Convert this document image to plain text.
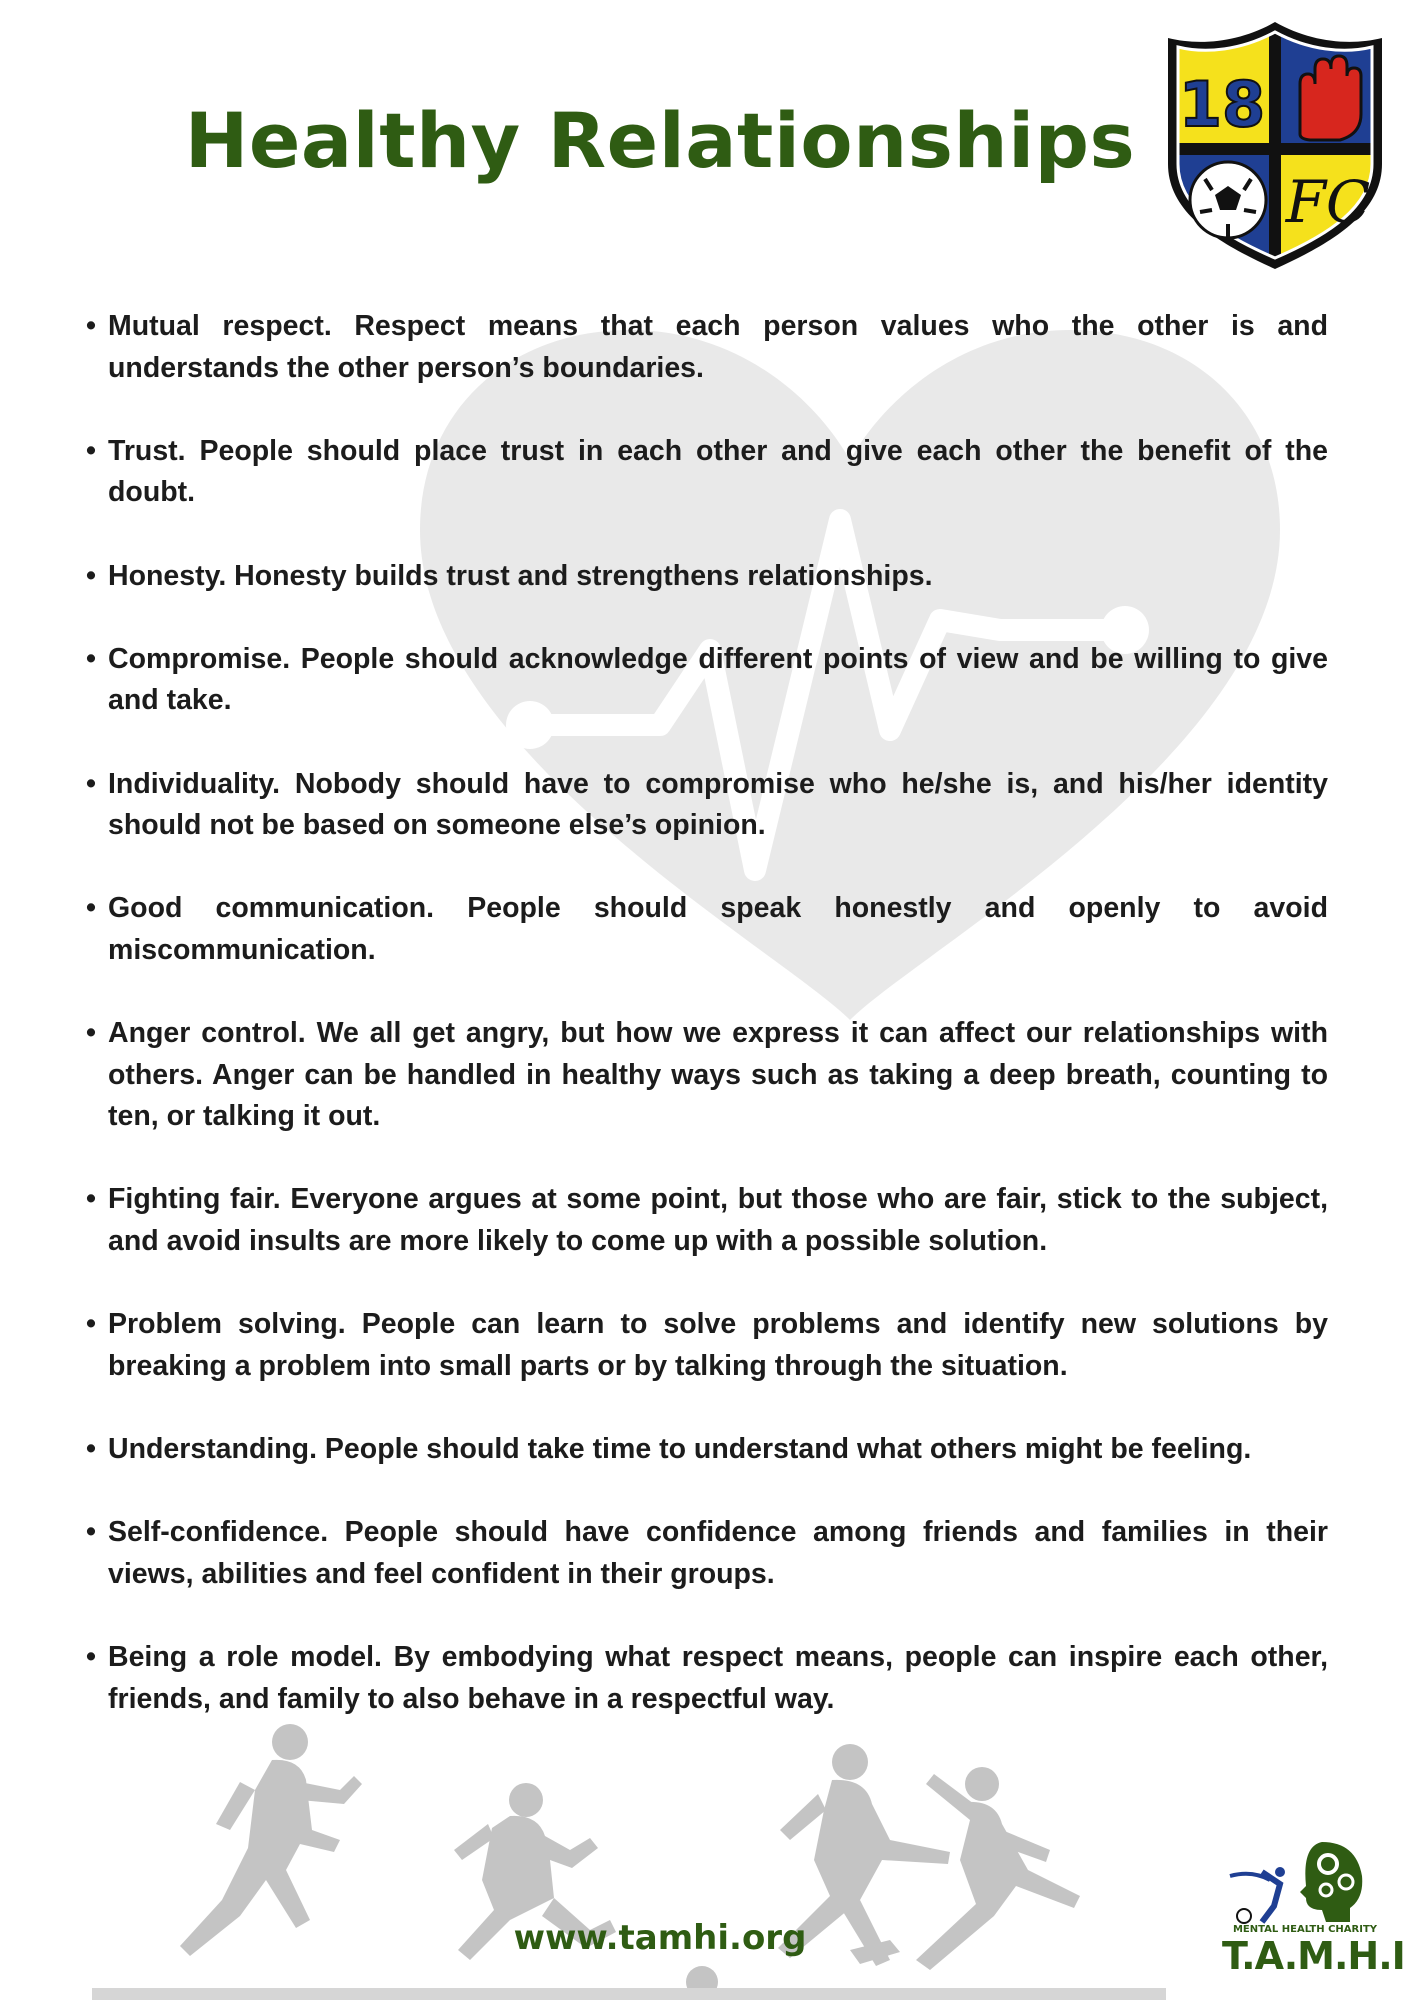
18
FC
Healthy Relationships
• Mutual respect. Respect means that each person values who the other is and understands the other person’s boundaries.
• Trust. People should place trust in each other and give each other the benefit of the doubt.
• Honesty. Honesty builds trust and strengthens relationships.
• Compromise. People should acknowledge different points of view and be willing to give and take.
• Individuality. Nobody should have to compromise who he/she is, and his/her identity should not be based on someone else’s opinion.
• Good communication. People should speak honestly and openly to avoid miscommunication.
• Anger control. We all get angry, but how we express it can affect our relationships with others. Anger can be handled in healthy ways such as taking a deep breath, counting to ten, or talking it out.
• Fighting fair. Everyone argues at some point, but those who are fair, stick to the subject, and avoid insults are more likely to come up with a possible solution.
• Problem solving. People can learn to solve problems and identify new solutions by breaking a problem into small parts or by talking through the situation.
• Understanding. People should take time to understand what others might be feeling.
• Self-confidence. People should have confidence among friends and families in their views, abilities and feel confident in their groups.
• Being a role model. By embodying what respect means, people can inspire each other, friends, and family to also behave in a respectful way.
www.tamhi.org	MENTAL HEALTH CHARITY
T.A.M.H.I
